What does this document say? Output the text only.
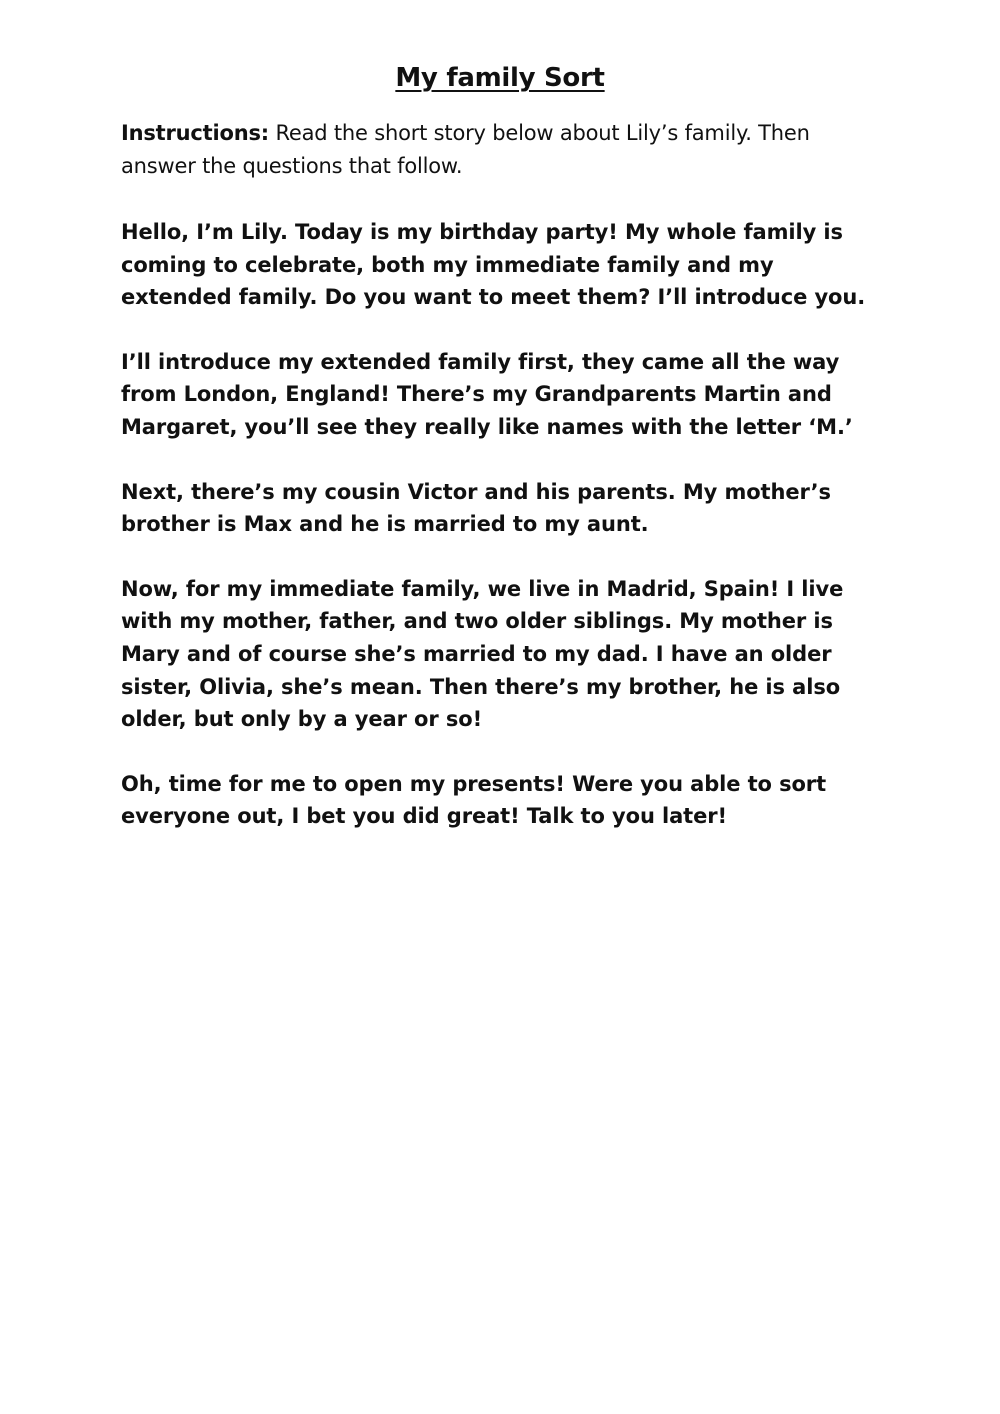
My family Sort

Instructions: Read the short story below about Lily’s family. Then answer the questions that follow.

Hello, I’m Lily. Today is my birthday party! My whole family is coming to celebrate, both my immediate family and my extended family. Do you want to meet them? I’ll introduce you.

I’ll introduce my extended family first, they came all the way from London, England! There’s my Grandparents Martin and Margaret, you’ll see they really like names with the letter ‘M.’

Next, there’s my cousin Victor and his parents. My mother’s brother is Max and he is married to my aunt.

Now, for my immediate family, we live in Madrid, Spain! I live with my mother, father, and two older siblings. My mother is Mary and of course she’s married to my dad. I have an older sister, Olivia, she’s mean. Then there’s my brother, he is also older, but only by a year or so!

Oh, time for me to open my presents! Were you able to sort everyone out, I bet you did great! Talk to you later!
